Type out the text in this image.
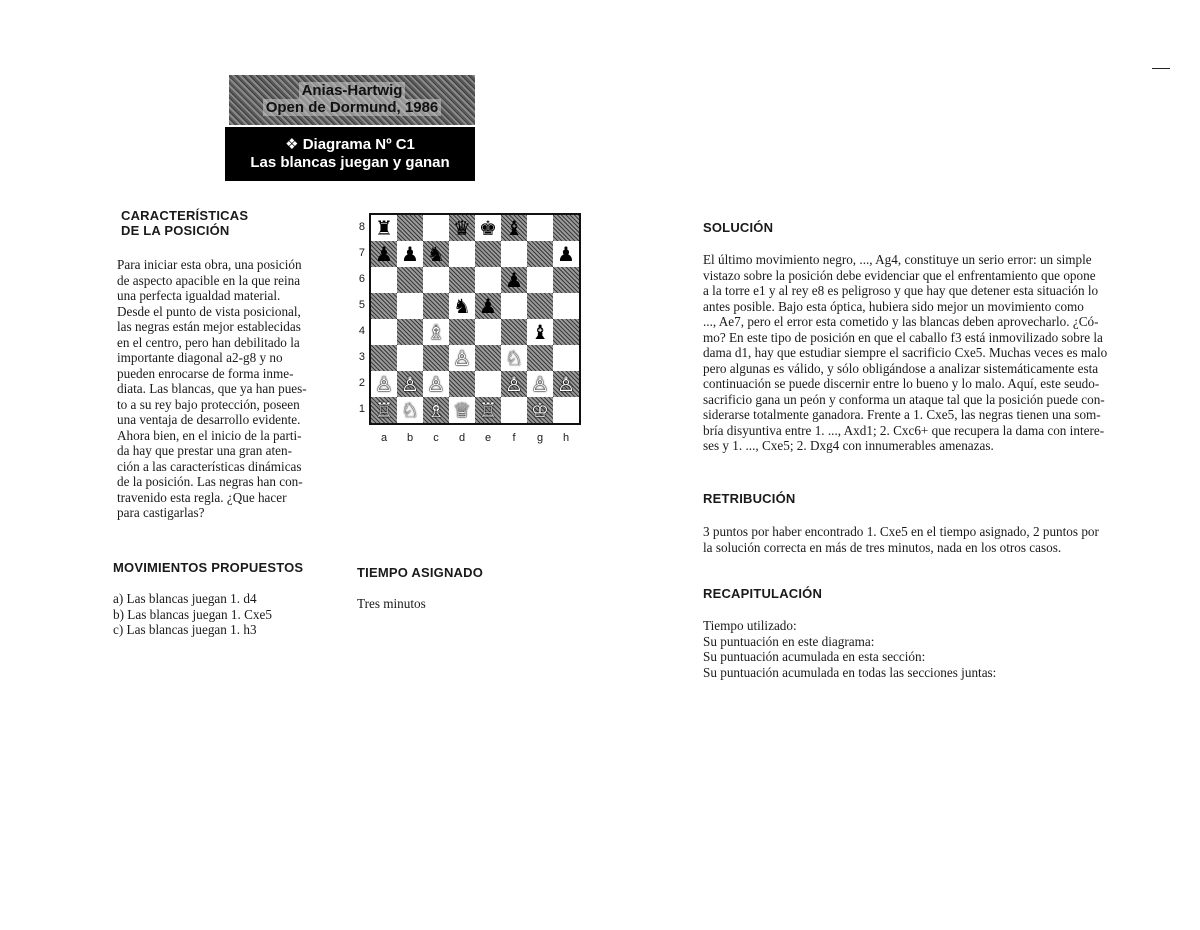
Anias-Hartwig
Open de Dormund, 1986
❖ Diagrama Nº C1
Las blancas juegan y ganan
CARACTERÍSTICAS
DE LA POSICIÓN
Para iniciar esta obra, una posición
de aspecto apacible en la que reina
una perfecta igualdad material.
Desde el punto de vista posicional,
las negras están mejor establecidas
en el centro, pero han debilitado la
importante diagonal a2-g8 y no
pueden enrocarse de forma inme-
diata. Las blancas, que ya han pues-
to a su rey bajo protección, poseen
una ventaja de desarrollo evidente.
Ahora bien, en el inicio de la parti-
da hay que prestar una gran aten-
ción a las características dinámicas
de la posición. Las negras han con-
travenido esta regla. ¿Que hacer
para castigarlas?
MOVIMIENTOS PROPUESTOS
a) Las blancas juegan 1. d4
b) Las blancas juegan 1. Cxe5
c) Las blancas juegan 1. h3
TIEMPO ASIGNADO
Tres minutos
♜	♛ ♚ ♝
♟ ♟ ♞	♟
♟
♞ ♟
♗	♝
♙ ♘
♙ ♙ ♙	♙ ♙ ♙
♖ ♘ ♗ ♕ ♖ ♔
8
7
6
5
4
3
2
1
a	b	c	d	e	f	g	h
SOLUCIÓN
El último movimiento negro, ..., Ag4, constituye un serio error: un simple
vistazo sobre la posición debe evidenciar que el enfrentamiento que opone
a la torre e1 y al rey e8 es peligroso y que hay que detener esta situación lo
antes posible. Bajo esta óptica, hubiera sido mejor un movimiento como
..., Ae7, pero el error esta cometido y las blancas deben aprovecharlo. ¿Có-
mo? En este tipo de posición en que el caballo f3 está inmovilizado sobre la
dama d1, hay que estudiar siempre el sacrificio Cxe5. Muchas veces es malo
pero algunas es válido, y sólo obligándose a analizar sistemáticamente esta
continuación se puede discernir entre lo bueno y lo malo. Aquí, este seudo-
sacrificio gana un peón y conforma un ataque tal que la posición puede con-
siderarse totalmente ganadora. Frente a 1. Cxe5, las negras tienen una som-
bría disyuntiva entre 1. ..., Axd1; 2. Cxc6+ que recupera la dama con intere-
ses y 1. ..., Cxe5; 2. Dxg4 con innumerables amenazas.
RETRIBUCIÓN
3 puntos por haber encontrado 1. Cxe5 en el tiempo asignado, 2 puntos por
la solución correcta en más de tres minutos, nada en los otros casos.
RECAPITULACIÓN
Tiempo utilizado:
Su puntuación en este diagrama:
Su puntuación acumulada en esta sección:
Su puntuación acumulada en todas las secciones juntas:
